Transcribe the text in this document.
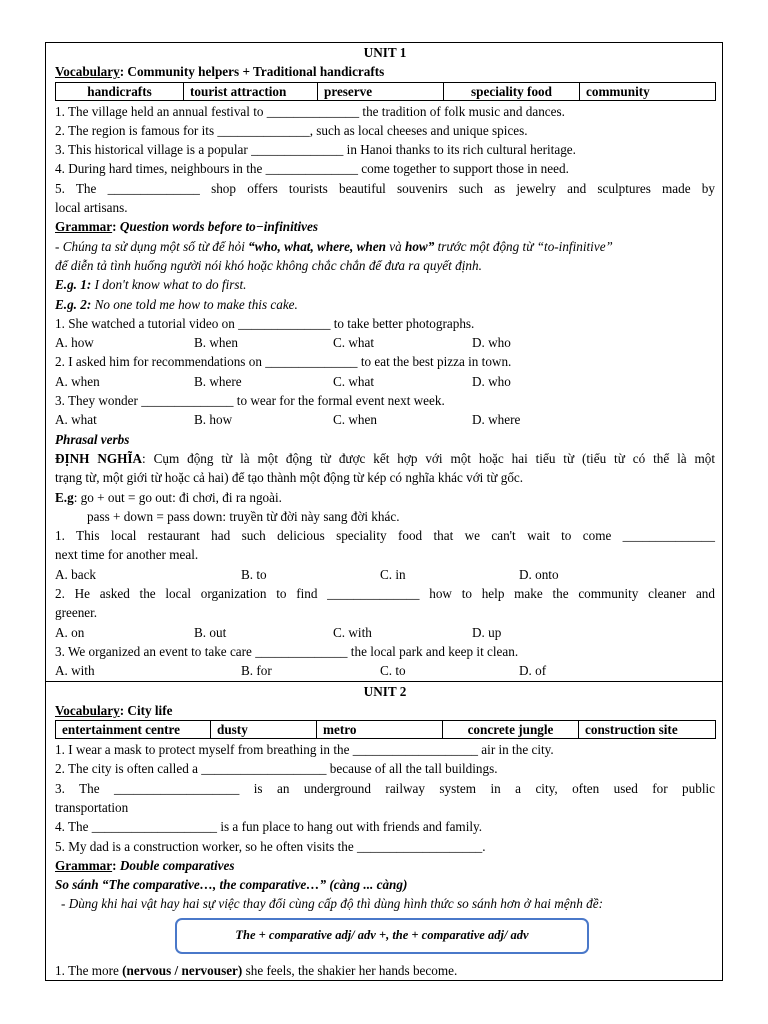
UNIT 1
Vocabulary: Community helpers + Traditional handicrafts
handicrafts	tourist attraction	preserve	speciality food	community
1. The village held an annual festival to ______________ the tradition of folk music and dances.
2. The region is famous for its ______________, such as local cheeses and unique spices.
3. This historical village is a popular ______________ in Hanoi thanks to its rich cultural heritage.
4. During hard times, neighbours in the ______________ come together to support those in need.
5. The ______________ shop offers tourists beautiful souvenirs such as jewelry and sculptures made by
local artisans.
Grammar: Question words before to−infinitives
- Chúng ta sử dụng một số từ để hỏi “who, what, where, when và how” trước một động từ “to-infinitive”
để diễn tả tình huống người nói khó hoặc không chắc chắn để đưa ra quyết định.
E.g. 1: I don't know what to do first.
E.g. 2: No one told me how to make this cake.
1. She watched a tutorial video on ______________ to take better photographs.
A. how	B. when	C. what	D. who
2. I asked him for recommendations on ______________ to eat the best pizza in town.
A. when	B. where	C. what	D. who
3. They wonder ______________ to wear for the formal event next week.
A. what	B. how	C. when	D. where
Phrasal verbs
ĐỊNH NGHĨA: Cụm động từ là một động từ được kết hợp với một hoặc hai tiểu từ (tiểu từ có thể là một
trạng từ, một giới từ hoặc cả hai) để tạo thành một động từ kép có nghĩa khác với từ gốc.
E.g: go + out = go out: đi chơi, đi ra ngoài.
pass + down = pass down: truyền từ đời này sang đời khác.
1. This local restaurant had such delicious speciality food that we can't wait to come ______________
next time for another meal.
A. back	B. to	C. in	D. onto
2. He asked the local organization to find ______________ how to help make the community cleaner and
greener.
A. on	B. out	C. with	D. up
3. We organized an event to take care ______________ the local park and keep it clean.
A. with	B. for	C. to	D. of
UNIT 2
Vocabulary: City life
entertainment centre	dusty	metro	concrete jungle	construction site
1. I wear a mask to protect myself from breathing in the ___________________ air in the city.
2. The city is often called a ___________________ because of all the tall buildings.
3. The ___________________ is an underground railway system in a city, often used for public
transportation
4. The ___________________ is a fun place to hang out with friends and family.
5. My dad is a construction worker, so he often visits the ___________________.
Grammar: Double comparatives
So sánh “The comparative…, the comparative…” (càng ... càng)
- Dùng khi hai vật hay hai sự việc thay đổi cùng cấp độ thì dùng hình thức so sánh hơn ở hai mệnh đề:
The + comparative adj/ adv +, the + comparative adj/ adv
1. The more (nervous / nervouser) she feels, the shakier her hands become.
